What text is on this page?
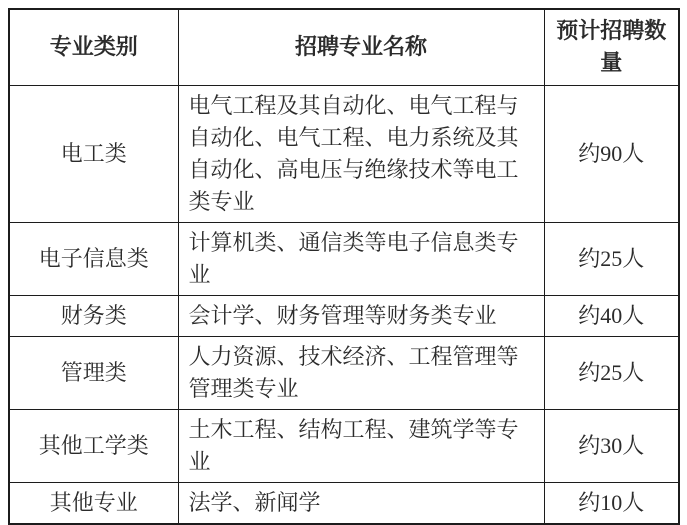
专业类别	招聘专业名称	预计招聘数量
电工类	电气工程及其自动化、电气工程与自动化、电气工程、电力系统及其自动化、高电压与绝缘技术等电工类专业	约90人
电子信息类	计算机类、通信类等电子信息类专业	约25人
财务类	会计学、财务管理等财务类专业	约40人
管理类	人力资源、技术经济、工程管理等管理类专业	约25人
其他工学类	土木工程、结构工程、建筑学等专业	约30人
其他专业	法学、新闻学	约10人
